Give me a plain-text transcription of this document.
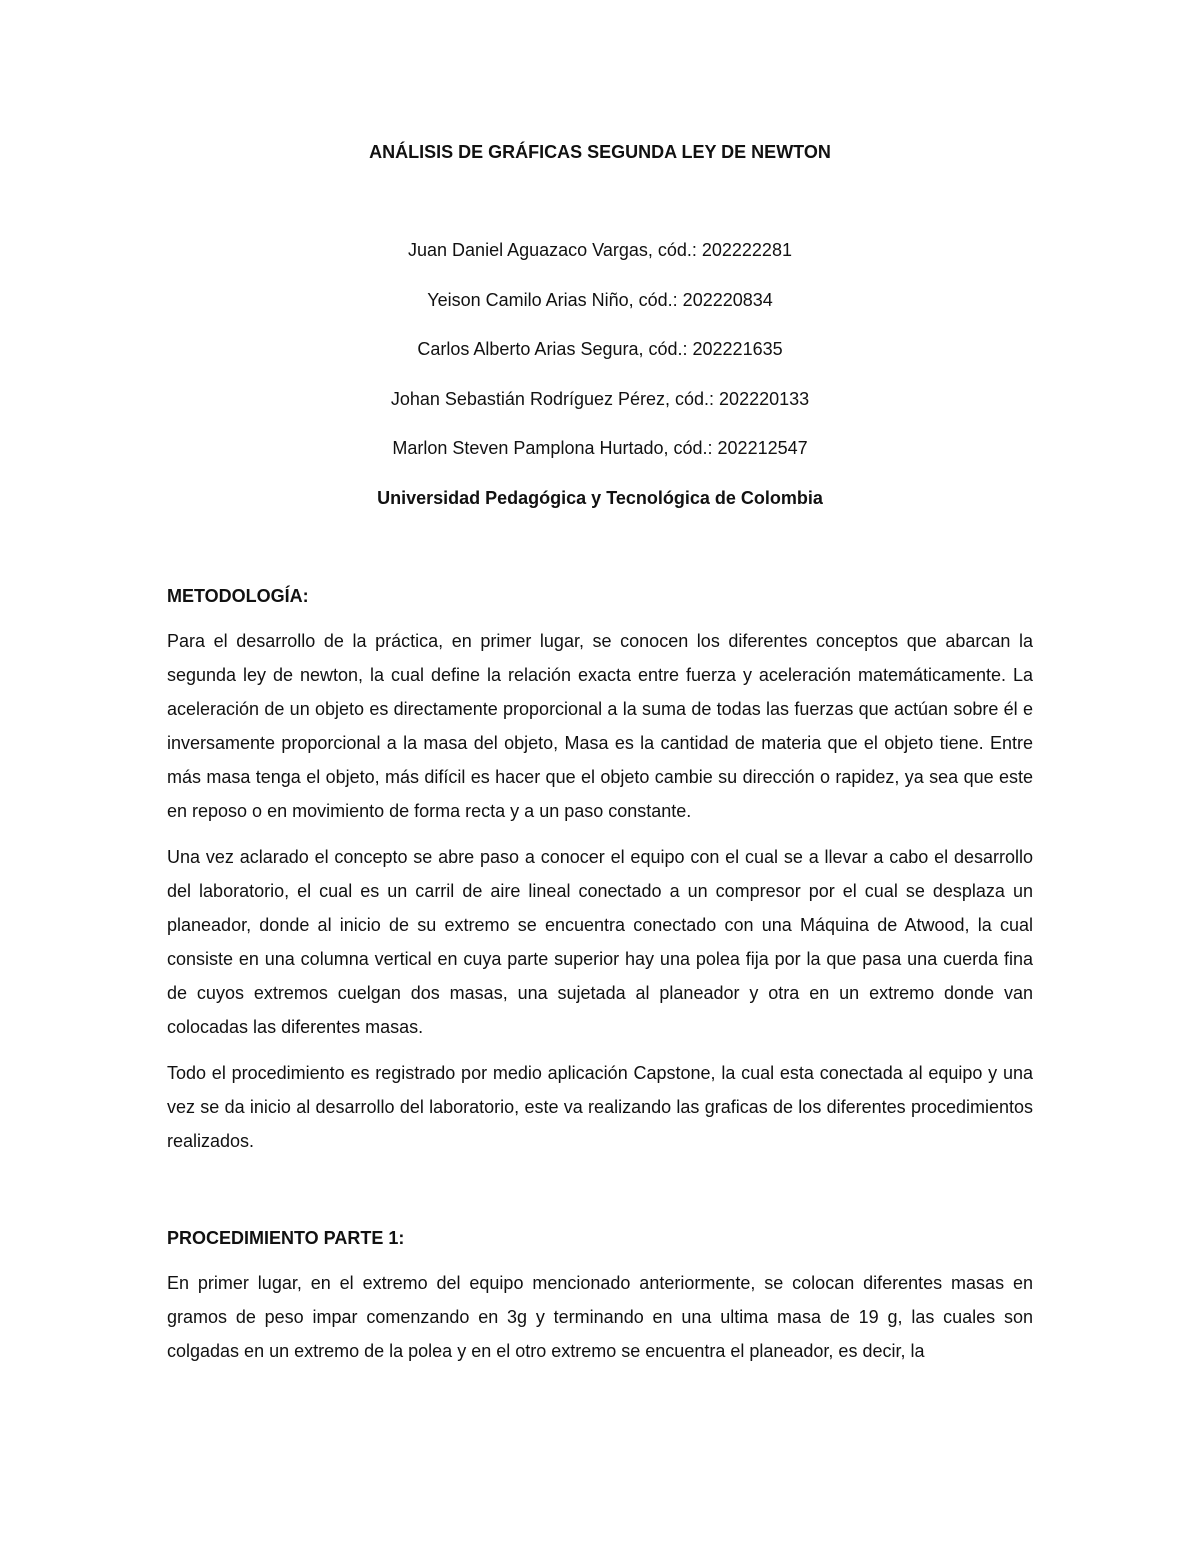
ANÁLISIS DE GRÁFICAS SEGUNDA LEY DE NEWTON
Juan Daniel Aguazaco Vargas, cód.: 202222281
Yeison Camilo Arias Niño, cód.: 202220834
Carlos Alberto Arias Segura, cód.: 202221635
Johan Sebastián Rodríguez Pérez, cód.: 202220133
Marlon Steven Pamplona Hurtado, cód.: 202212547

Universidad Pedagógica y Tecnológica de Colombia

METODOLOGÍA:

Para el desarrollo de la práctica, en primer lugar, se conocen los diferentes conceptos que abarcan la segunda ley de newton, la cual define la relación exacta entre fuerza y aceleración matemáticamente. La aceleración de un objeto es directamente proporcional a la suma de todas las fuerzas que actúan sobre él e inversamente proporcional a la masa del objeto, Masa es la cantidad de materia que el objeto tiene. Entre más masa tenga el objeto, más difícil es hacer que el objeto cambie su dirección o rapidez, ya sea que este en reposo o en movimiento de forma recta y a un paso constante.

Una vez aclarado el concepto se abre paso a conocer el equipo con el cual se a llevar a cabo el desarrollo del laboratorio, el cual es un carril de aire lineal conectado a un compresor por el cual se desplaza un planeador, donde al inicio de su extremo se encuentra conectado con una Máquina de Atwood, la cual consiste en una columna vertical en cuya parte superior hay una polea fija por la que pasa una cuerda fina de cuyos extremos cuelgan dos masas, una sujetada al planeador y otra en un extremo donde van colocadas las diferentes masas.

Todo el procedimiento es registrado por medio aplicación Capstone, la cual esta conectada al equipo y una vez se da inicio al desarrollo del laboratorio, este va realizando las graficas de los diferentes procedimientos realizados.

PROCEDIMIENTO PARTE 1:

En primer lugar, en el extremo del equipo mencionado anteriormente, se colocan diferentes masas en gramos de peso impar comenzando en 3g y terminando en una ultima masa de 19 g, las cuales son colgadas en un extremo de la polea y en el otro extremo se encuentra el planeador, es decir, la
